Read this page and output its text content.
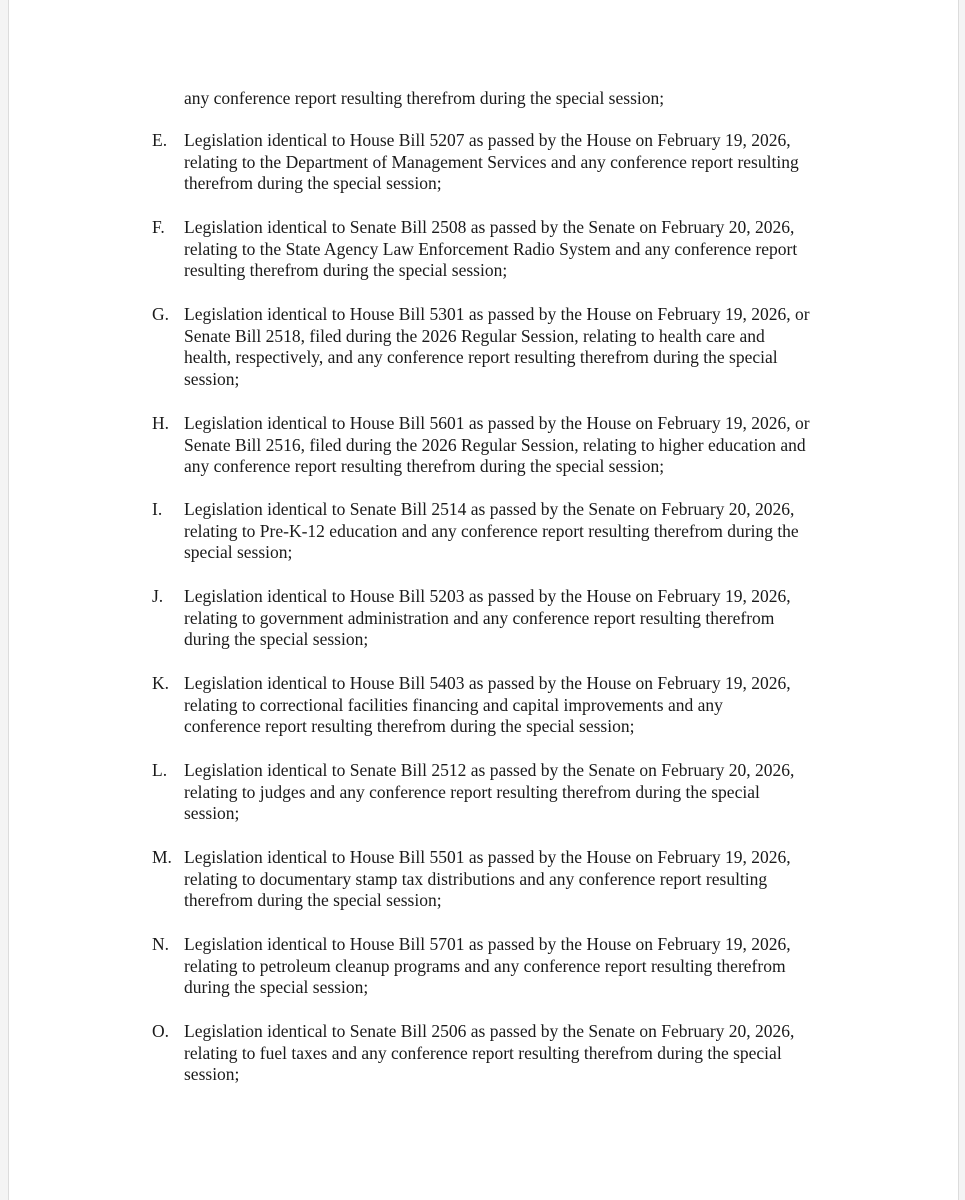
any conference report resulting therefrom during the special session;
E. Legislation identical to House Bill 5207 as passed by the House on February 19, 2026,
relating to the Department of Management Services and any conference report resulting
therefrom during the special session;
F. Legislation identical to Senate Bill 2508 as passed by the Senate on February 20, 2026,
relating to the State Agency Law Enforcement Radio System and any conference report
resulting therefrom during the special session;
G. Legislation identical to House Bill 5301 as passed by the House on February 19, 2026, or
Senate Bill 2518, filed during the 2026 Regular Session, relating to health care and
health, respectively, and any conference report resulting therefrom during the special
session;
H. Legislation identical to House Bill 5601 as passed by the House on February 19, 2026, or
Senate Bill 2516, filed during the 2026 Regular Session, relating to higher education and
any conference report resulting therefrom during the special session;
I. Legislation identical to Senate Bill 2514 as passed by the Senate on February 20, 2026,
relating to Pre-K-12 education and any conference report resulting therefrom during the
special session;
J. Legislation identical to House Bill 5203 as passed by the House on February 19, 2026,
relating to government administration and any conference report resulting therefrom
during the special session;
K. Legislation identical to House Bill 5403 as passed by the House on February 19, 2026,
relating to correctional facilities financing and capital improvements and any
conference report resulting therefrom during the special session;
L. Legislation identical to Senate Bill 2512 as passed by the Senate on February 20, 2026,
relating to judges and any conference report resulting therefrom during the special
session;
M. Legislation identical to House Bill 5501 as passed by the House on February 19, 2026,
relating to documentary stamp tax distributions and any conference report resulting
therefrom during the special session;
N. Legislation identical to House Bill 5701 as passed by the House on February 19, 2026,
relating to petroleum cleanup programs and any conference report resulting therefrom
during the special session;
O. Legislation identical to Senate Bill 2506 as passed by the Senate on February 20, 2026,
relating to fuel taxes and any conference report resulting therefrom during the special
session;
